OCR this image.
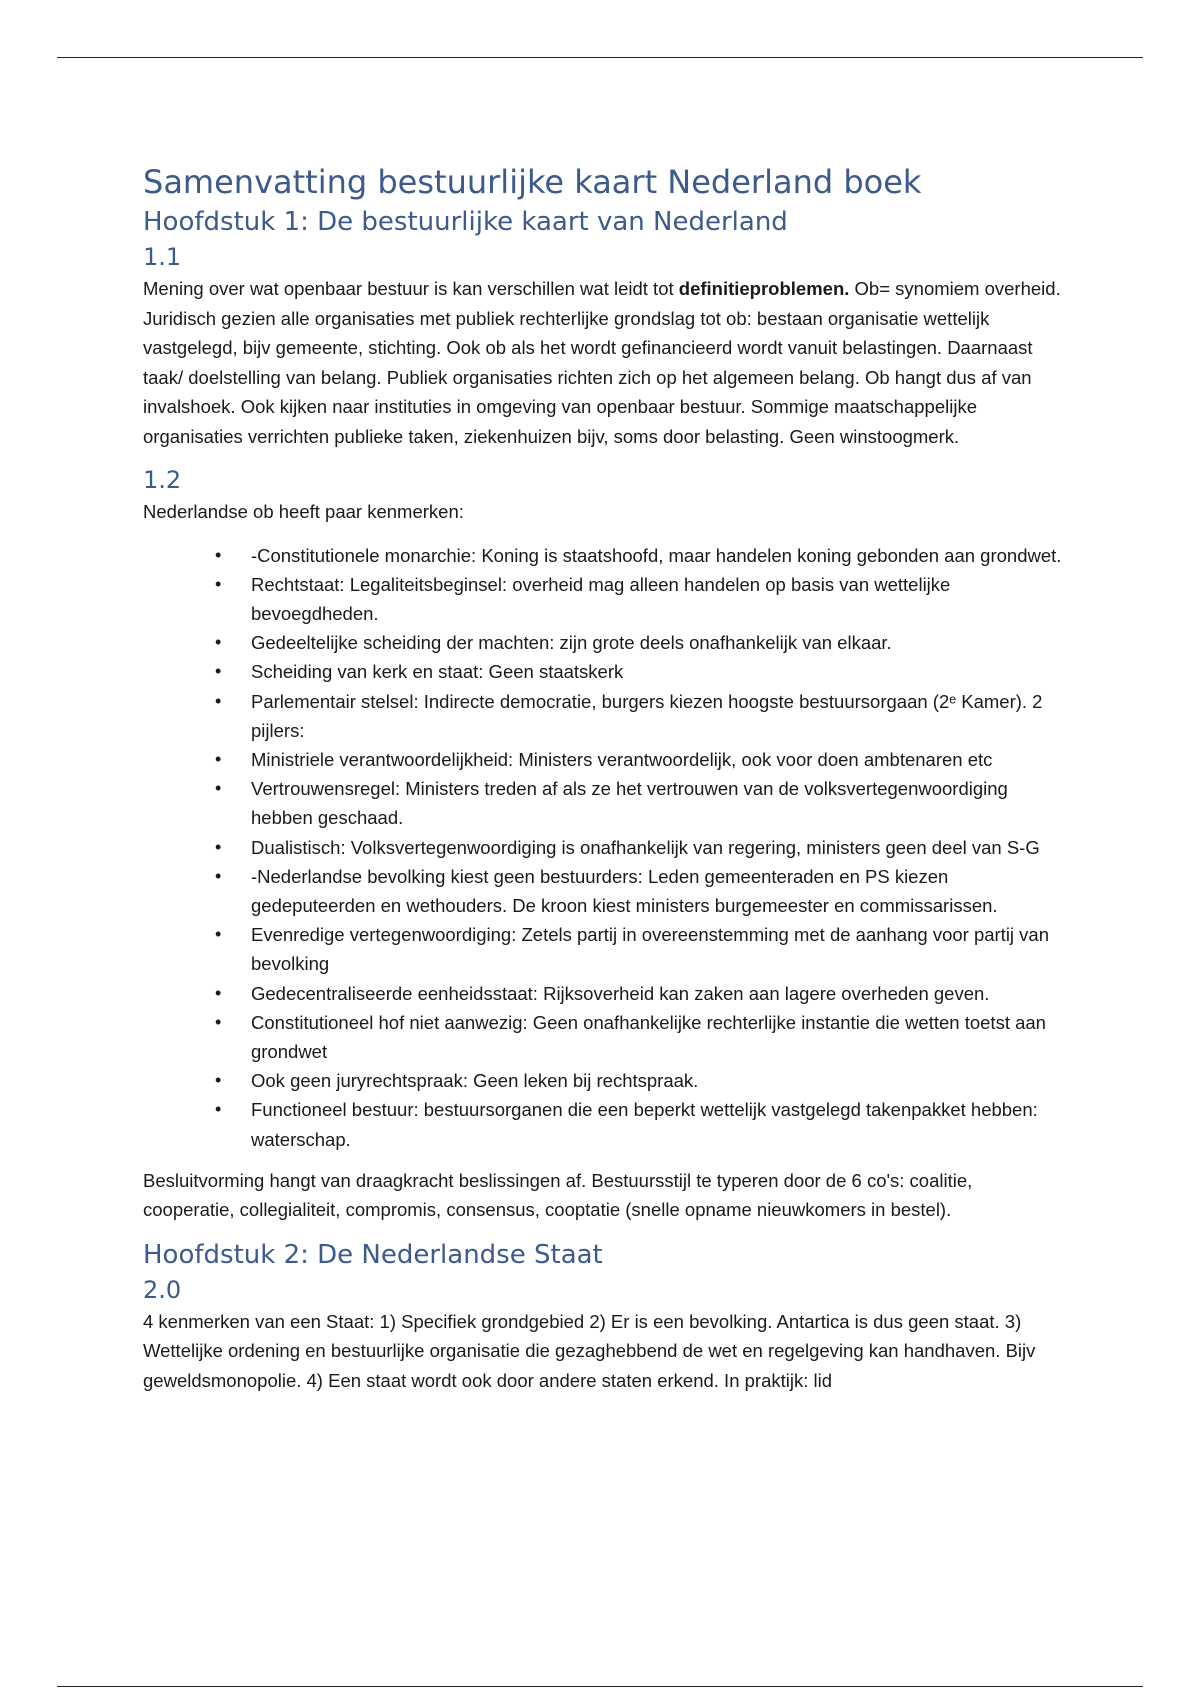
Samenvatting bestuurlijke kaart Nederland boek
Hoofdstuk 1: De bestuurlijke kaart van Nederland
1.1

Mening over wat openbaar bestuur is kan verschillen wat leidt tot definitieproblemen. Ob= synomiem overheid. Juridisch gezien alle organisaties met publiek rechterlijke grondslag tot ob: bestaan organisatie wettelijk vastgelegd, bijv gemeente, stichting. Ook ob als het wordt gefinancieerd wordt vanuit belastingen. Daarnaast taak/ doelstelling van belang. Publiek organisaties richten zich op het algemeen belang. Ob hangt dus af van invalshoek. Ook kijken naar instituties in omgeving van openbaar bestuur. Sommige maatschappelijke organisaties verrichten publieke taken, ziekenhuizen bijv, soms door belasting. Geen winstoogmerk.

1.2

Nederlandse ob heeft paar kenmerken:

• -Constitutionele monarchie: Koning is staatshoofd, maar handelen koning gebonden aan grondwet.
• Rechtstaat: Legaliteitsbeginsel: overheid mag alleen handelen op basis van wettelijke bevoegdheden.
• Gedeeltelijke scheiding der machten: zijn grote deels onafhankelijk van elkaar.
• Scheiding van kerk en staat: Geen staatskerk
• Parlementair stelsel: Indirecte democratie, burgers kiezen hoogste bestuursorgaan (2ᵉ Kamer). 2 pijlers:
• Ministriele verantwoordelijkheid: Ministers verantwoordelijk, ook voor doen ambtenaren etc
• Vertrouwensregel: Ministers treden af als ze het vertrouwen van de volksvertegenwoordiging hebben geschaad.
• Dualistisch: Volksvertegenwoordiging is onafhankelijk van regering, ministers geen deel van S-G
• -Nederlandse bevolking kiest geen bestuurders: Leden gemeenteraden en PS kiezen gedeputeerden en wethouders. De kroon kiest ministers burgemeester en commissarissen.
• Evenredige vertegenwoordiging: Zetels partij in overeenstemming met de aanhang voor partij van bevolking
• Gedecentraliseerde eenheidsstaat: Rijksoverheid kan zaken aan lagere overheden geven.
• Constitutioneel hof niet aanwezig: Geen onafhankelijke rechterlijke instantie die wetten toetst aan grondwet
• Ook geen juryrechtspraak: Geen leken bij rechtspraak.
• Functioneel bestuur: bestuursorganen die een beperkt wettelijk vastgelegd takenpakket hebben: waterschap.

Besluitvorming hangt van draagkracht beslissingen af. Bestuursstijl te typeren door de 6 co's: coalitie, cooperatie, collegialiteit, compromis, consensus, cooptatie (snelle opname nieuwkomers in bestel).

Hoofdstuk 2: De Nederlandse Staat
2.0

4 kenmerken van een Staat: 1) Specifiek grondgebied 2) Er is een bevolking. Antartica is dus geen staat. 3) Wettelijke ordening en bestuurlijke organisatie die gezaghebbend de wet en regelgeving kan handhaven. Bijv geweldsmonopolie. 4) Een staat wordt ook door andere staten erkend. In praktijk: lid
